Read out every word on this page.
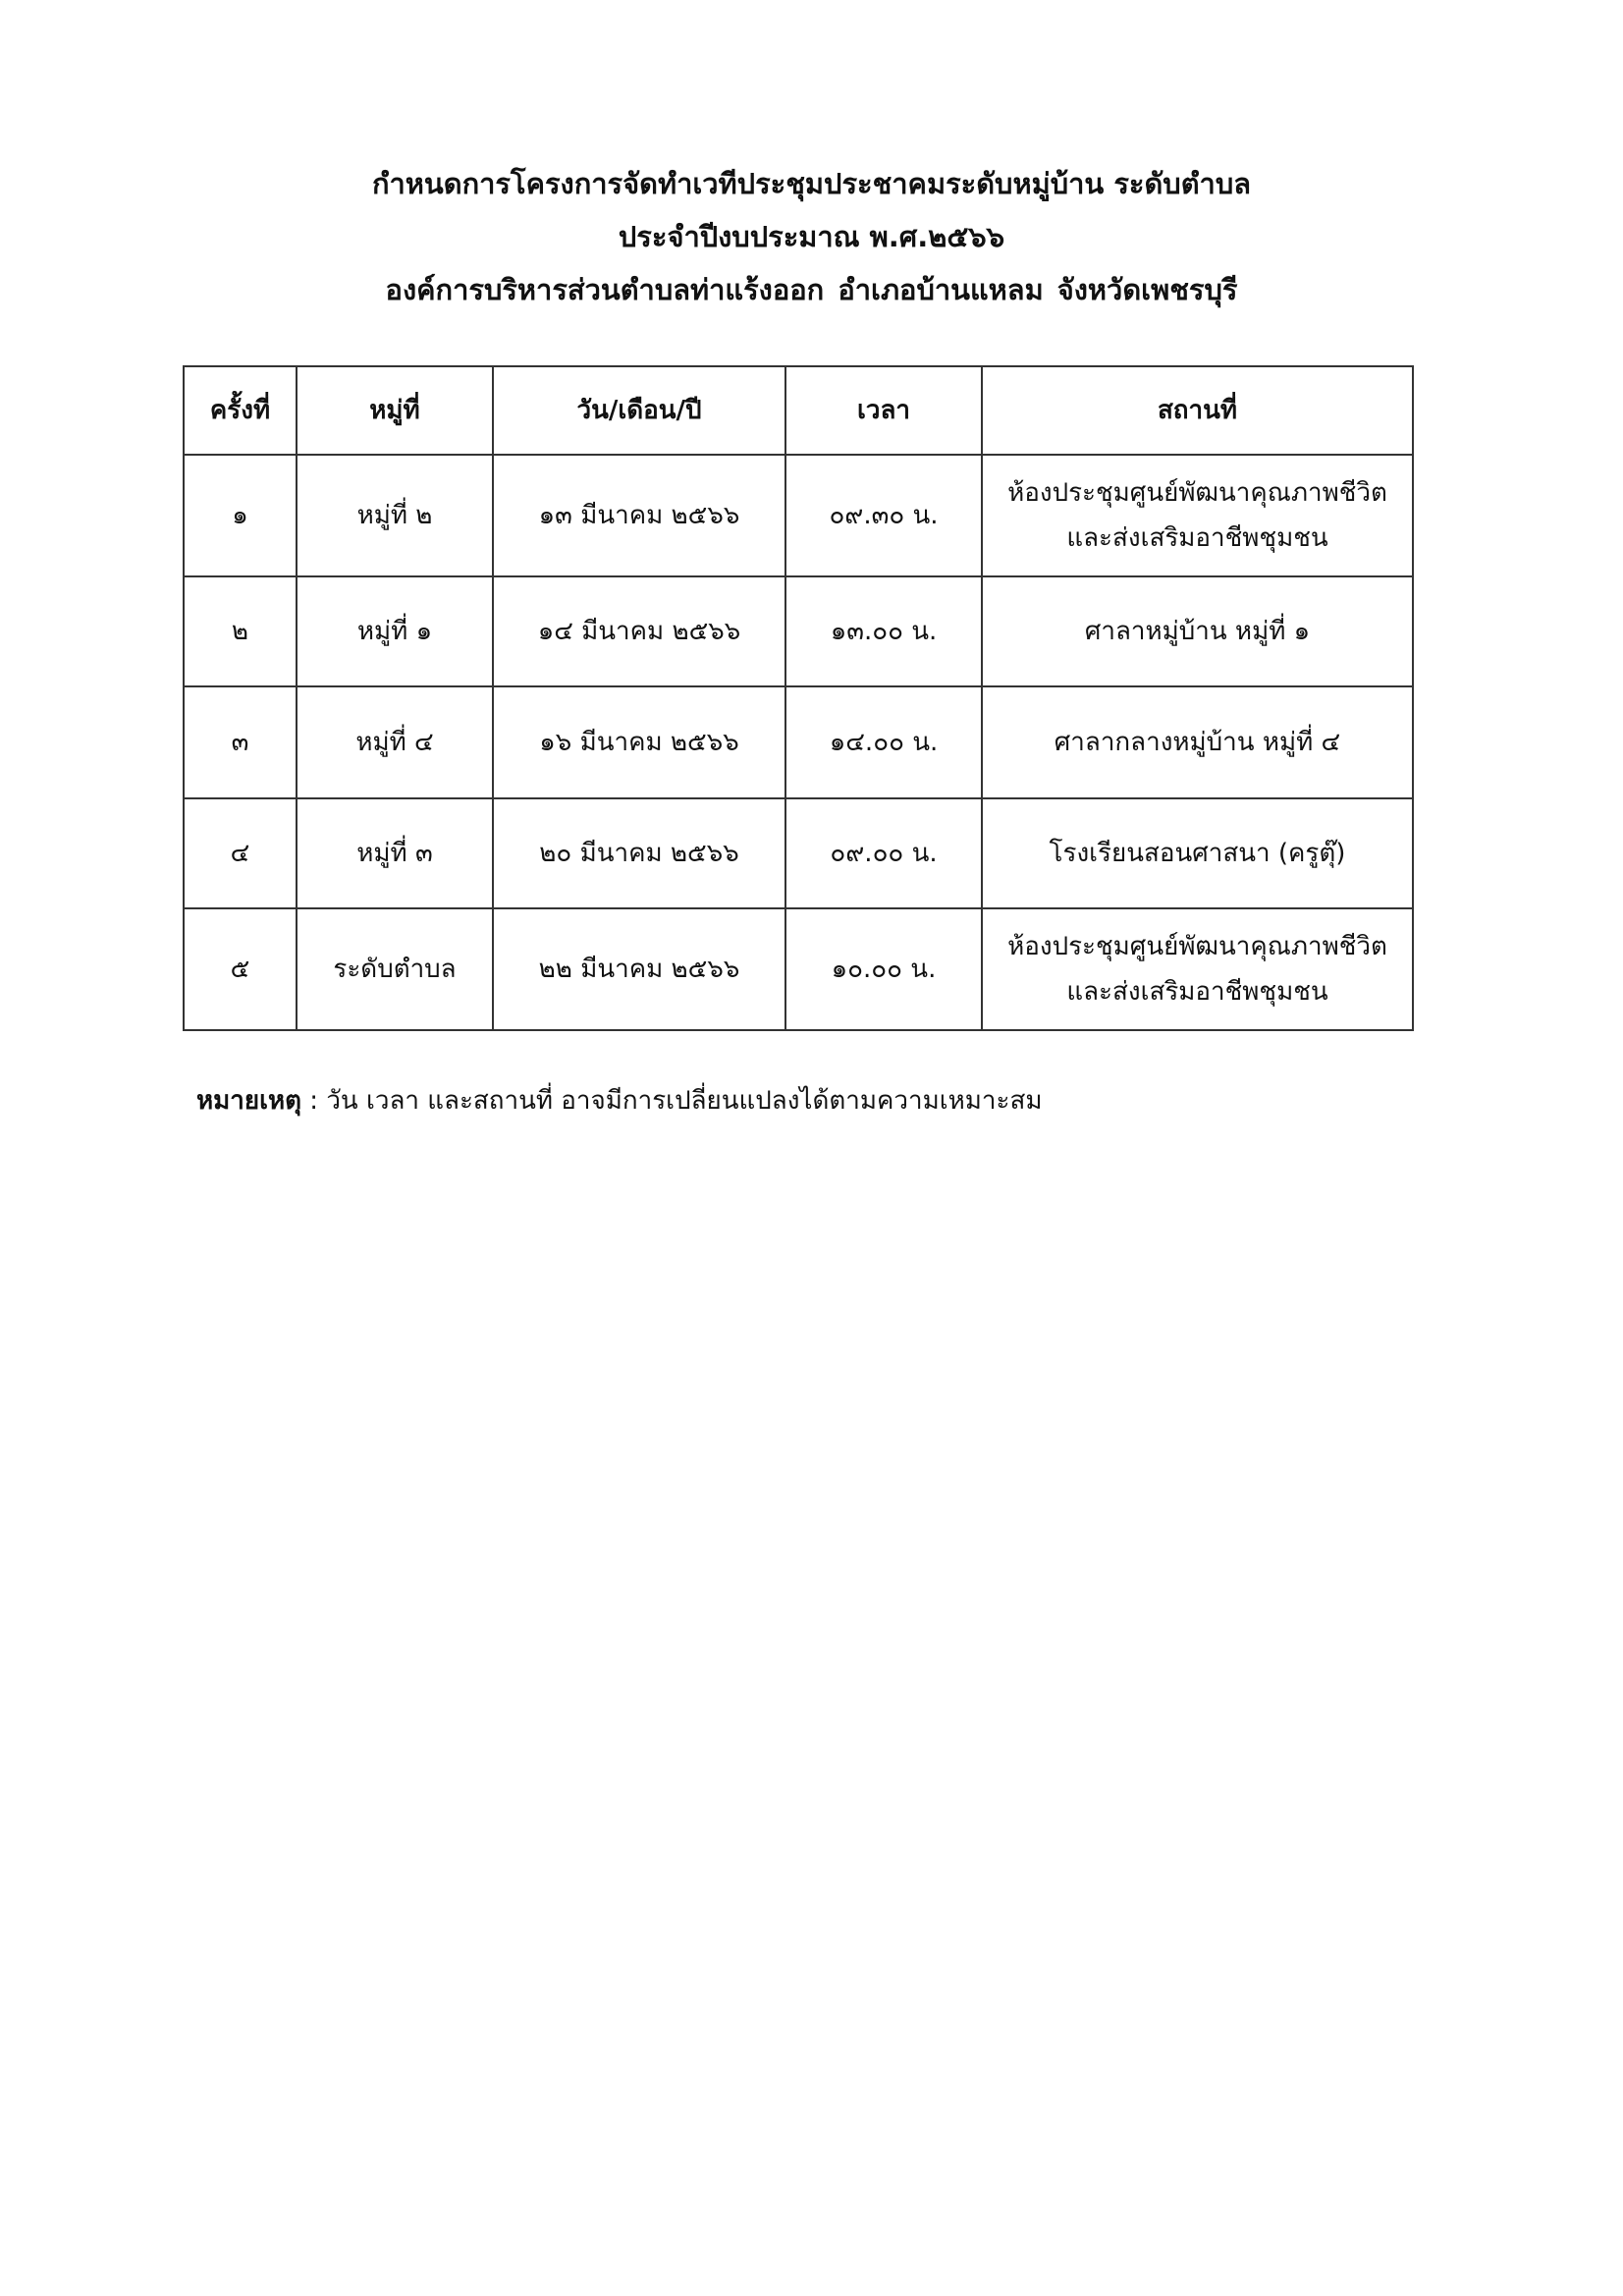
กำหนดการโครงการจัดทำเวทีประชุมประชาคมระดับหมู่บ้าน ระดับตำบล
ประจำปีงบประมาณ พ.ศ.๒๕๖๖
องค์การบริหารส่วนตำบลท่าแร้งออก อำเภอบ้านแหลม จังหวัดเพชรบุรี
ครั้งที่	หมู่ที่	วัน/เดือน/ปี	เวลา	สถานที่
๑	หมู่ที่ ๒	๑๓ มีนาคม ๒๕๖๖	๐๙.๓๐ น.	ห้องประชุมศูนย์พัฒนาคุณภาพชีวิต
และส่งเสริมอาชีพชุมชน

๒	หมู่ที่ ๑	๑๔ มีนาคม ๒๕๖๖	๑๓.๐๐ น.	ศาลาหมู่บ้าน หมู่ที่ ๑

๓	หมู่ที่ ๔	๑๖ มีนาคม ๒๕๖๖	๑๔.๐๐ น.	ศาลากลางหมู่บ้าน หมู่ที่ ๔

๔	หมู่ที่ ๓	๒๐ มีนาคม ๒๕๖๖	๐๙.๐๐ น.	โรงเรียนสอนศาสนา (ครูตุ๊)

๕	ระดับตำบล	๒๒ มีนาคม ๒๕๖๖	๑๐.๐๐ น.	ห้องประชุมศูนย์พัฒนาคุณภาพชีวิต
และส่งเสริมอาชีพชุมชน
หมายเหตุ : วัน เวลา และสถานที่ อาจมีการเปลี่ยนแปลงได้ตามความเหมาะสม
